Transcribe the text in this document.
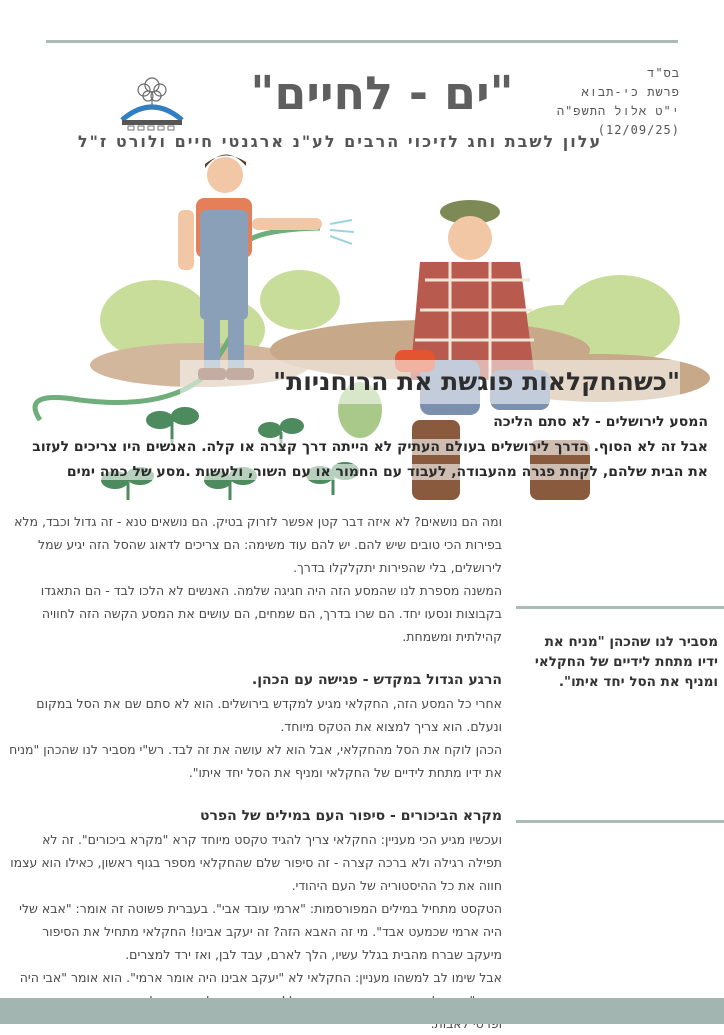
בס"ד
פרשת כי-תבוא
י"ט אלול התשפ"ה
(12/09/25)
"ים - לחיים"
עלון לשבת וחג לזיכוי הרבים לע"נ ארגנטי חיים ולורט ז"ל
"כשהחקלאות פוגשת את הרוחניות"

המסע לירושלים - לא סתם הליכה

אבל זה לא הסוף. הדרך לירושלים בעולם העתיק לא הייתה דרך קצרה או קלה. האנשים היו צריכים לעזוב את הבית שלהם, לקחת פגרה מהעבודה, לעבוד עם החמור או עם השור, ולעשות .מסע של כמה ימים

ומה הם נושאים? לא איזה דבר קטן אפשר לזרוק בטיק. הם נושאים טנא - זה גדול וכבד, מלא בפירות הכי טובים שיש להם. יש להם עוד משימה: הם צריכים לדאוג שהסל הזה יגיע שמל לירושלים, בלי שהפירות יתקלקלו בדרך.

המשנה מספרת לנו שהמסע הזה היה חגיגה שלמה. האנשים לא הלכו לבד - הם התאגדו בקבוצות ונסעו יחד. הם שרו בדרך, הם שמחים, הם עושים את המסע הקשה הזה לחוויה קהילתית ומשמחת.

הרגע הגדול במקדש - פגישה עם הכהן.

אחרי כל המסע הזה, החקלאי מגיע למקדש בירושלים. הוא לא סתם שם את הסל במקום ונעלם. הוא צריך למצוא את הטקס מיוחד.

הכהן לוקח את הסל מהחקלאי, אבל הוא לא עושה את זה לבד. רש"י מסביר לנו שהכהן "מניח את ידיו מתחת לידיים של החקלאי ומניף את הסל יחד איתו".

מקרא הביכורים - סיפור העם במילים של הפרט

ועכשיו מגיע הכי מעניין: החקלאי צריך להגיד טקסט מיוחד קרא "מקרא ביכורים". זה לא תפילה רגילה ולא ברכה קצרה - זה סיפור שלם שהחקלאי מספר בגוף ראשון, כאילו הוא עצמו חווה את כל ההיסטוריה של העם היהודי.

הטקסט מתחיל במילים המפורסמות: "ארמי עובד אבי". בעברית פשוטה זה אומר: "אבא שלי היה ארמי שכמעט אבד". מי זה האבא הזה? זה יעקב אבינו! החקלאי מתחיל את הסיפור מיעקב שברח מהבית בגלל עשיו, הלך לארם, עבד לבן, ואז ירד למצרים.

אבל שימו לב למשהו מעניין: החקלאי לא "יעקב אבינו היה אומר ארמי". הוא אומר "אבי היה

מסביר לנו שהכהן "מניח את ידיו מתחת לידיים של החקלאי ומניף את הסל יחד איתו".
